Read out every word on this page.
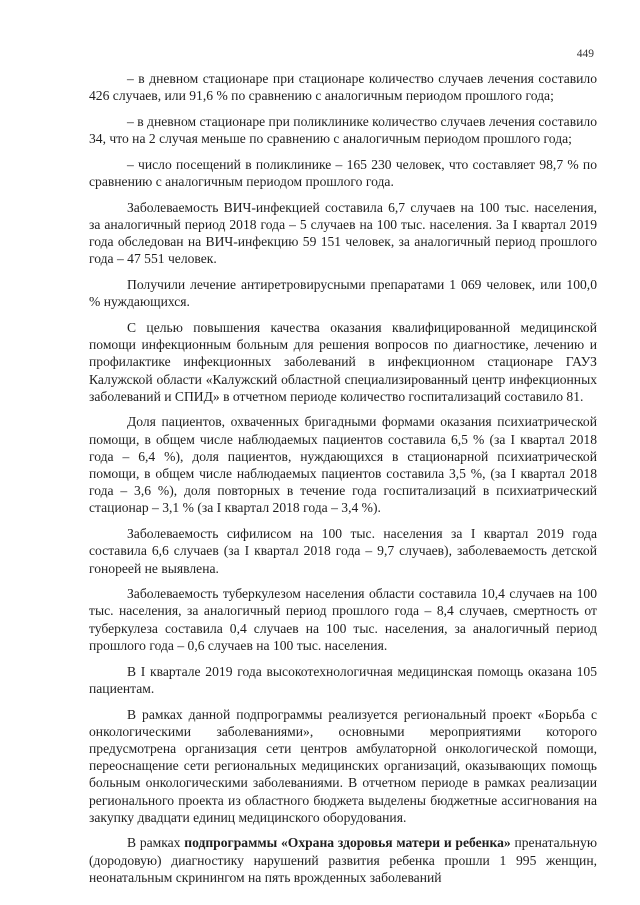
449

– в дневном стационаре при стационаре количество случаев лечения составило 426 случаев, или 91,6 % по сравнению с аналогичным периодом прошлого года;

– в дневном стационаре при поликлинике количество случаев лечения составило 34, что на 2 случая меньше по сравнению с аналогичным периодом прошлого года;

– число посещений в поликлинике – 165 230 человек, что составляет 98,7 % по сравнению с аналогичным периодом прошлого года.

Заболеваемость ВИЧ-инфекцией составила 6,7 случаев на 100 тыс. населения, за аналогичный период 2018 года – 5 случаев на 100 тыс. населения. За I квартал 2019 года обследован на ВИЧ-инфекцию 59 151 человек, за аналогичный период прошлого года – 47 551 человек.

Получили лечение антиретровирусными препаратами 1 069 человек, или 100,0 % нуждающихся.

С целью повышения качества оказания квалифицированной медицинской помощи инфекционным больным для решения вопросов по диагностике, лечению и профилактике инфекционных заболеваний в инфекционном стационаре ГАУЗ Калужской области «Калужский областной специализированный центр инфекционных заболеваний и СПИД» в отчетном периоде количество госпитализаций составило 81.

Доля пациентов, охваченных бригадными формами оказания психиатрической помощи, в общем числе наблюдаемых пациентов составила 6,5 % (за I квартал 2018 года – 6,4 %), доля пациентов, нуждающихся в стационарной психиатрической помощи, в общем числе наблюдаемых пациентов составила 3,5 %, (за I квартал 2018 года – 3,6 %), доля повторных в течение года госпитализаций в психиатрический стационар – 3,1 % (за I квартал 2018 года – 3,4 %).

Заболеваемость сифилисом на 100 тыс. населения за I квартал 2019 года составила 6,6 случаев (за I квартал 2018 года – 9,7 случаев), заболеваемость детской гонореей не выявлена.

Заболеваемость туберкулезом населения области составила 10,4 случаев на 100 тыс. населения, за аналогичный период прошлого года – 8,4 случаев, смертность от туберкулеза составила 0,4 случаев на 100 тыс. населения, за аналогичный период прошлого года – 0,6 случаев на 100 тыс. населения.

В I квартале 2019 года высокотехнологичная медицинская помощь оказана 105 пациентам.

В рамках данной подпрограммы реализуется региональный проект «Борьба с онкологическими заболеваниями», основными мероприятиями которого предусмотрена организация сети центров амбулаторной онкологической помощи, переоснащение сети региональных медицинских организаций, оказывающих помощь больным онкологическими заболеваниями. В отчетном периоде в рамках реализации регионального проекта из областного бюджета выделены бюджетные ассигнования на закупку двадцати единиц медицинского оборудования.

В рамках подпрограммы «Охрана здоровья матери и ребенка» пренатальную (дородовую) диагностику нарушений развития ребенка прошли 1 995 женщин, неонатальным скринингом на пять врожденных заболеваний
